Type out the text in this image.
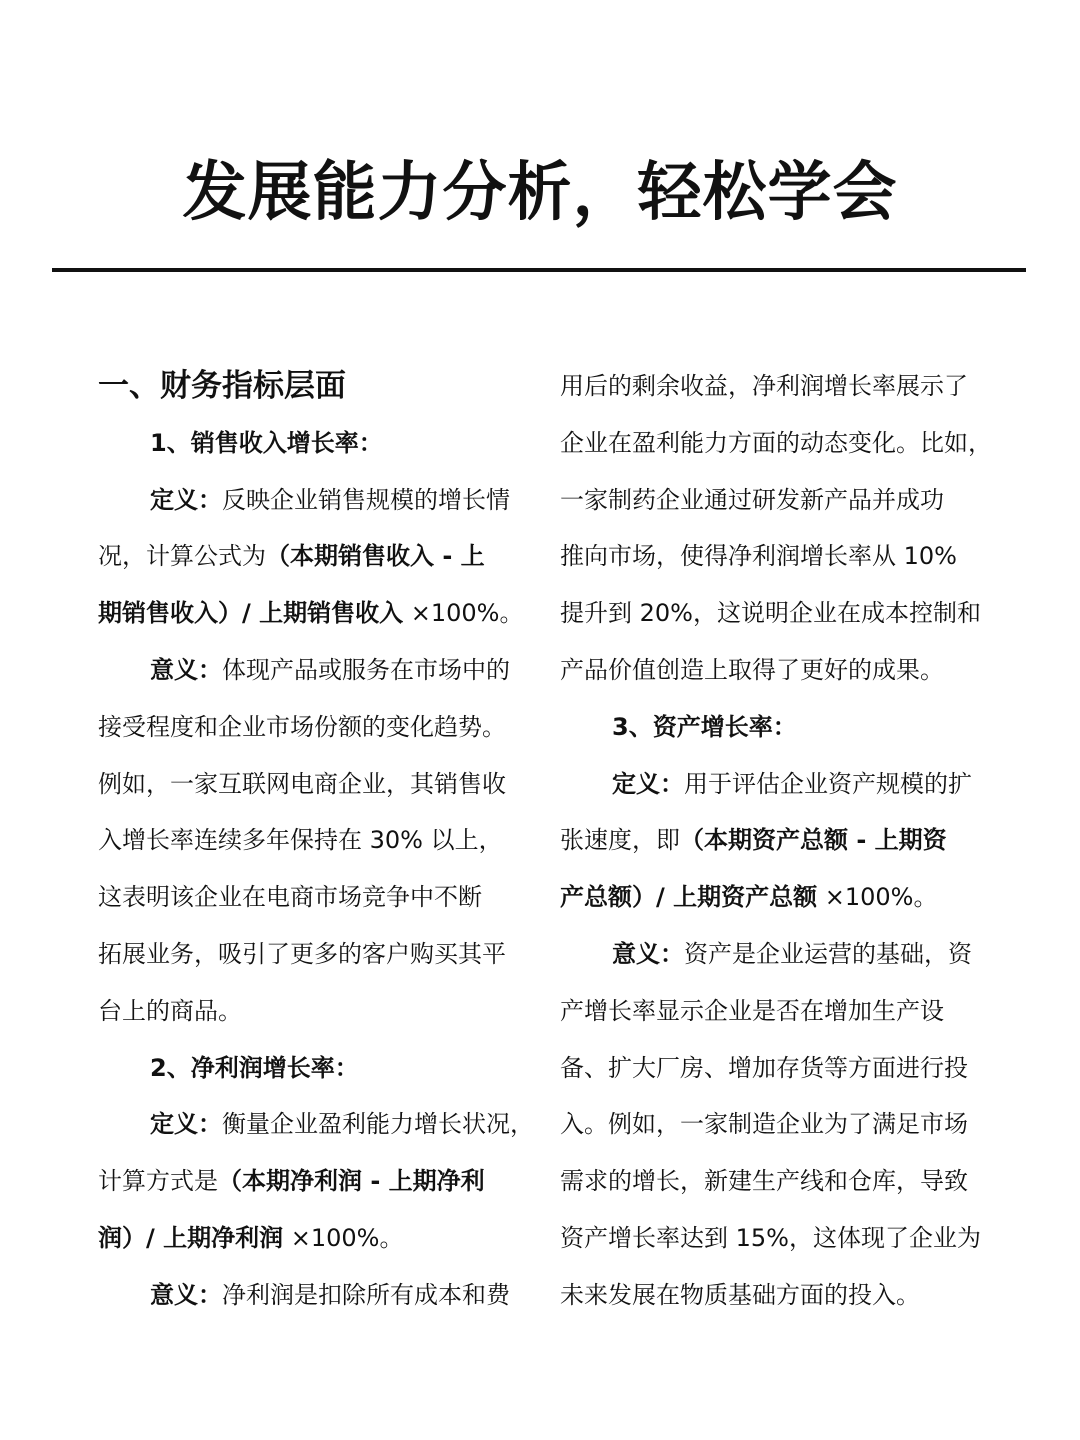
发展能力分析，轻松学会

一、财务指标层面

1、销售收入增长率：

定义：反映企业销售规模的增长情

况，计算公式为（本期销售收入 - 上

期销售收入）/ 上期销售收入 ×100%。

意义：体现产品或服务在市场中的

接受程度和企业市场份额的变化趋势。

例如，一家互联网电商企业，其销售收

入增长率连续多年保持在 30% 以上，

这表明该企业在电商市场竞争中不断

拓展业务，吸引了更多的客户购买其平

台上的商品。

2、净利润增长率：

定义：衡量企业盈利能力增长状况，

计算方式是（本期净利润 - 上期净利

润）/ 上期净利润 ×100%。

意义：净利润是扣除所有成本和费

用后的剩余收益，净利润增长率展示了

企业在盈利能力方面的动态变化。比如，

一家制药企业通过研发新产品并成功

推向市场，使得净利润增长率从 10%

提升到 20%，这说明企业在成本控制和

产品价值创造上取得了更好的成果。

3、资产增长率：

定义：用于评估企业资产规模的扩

张速度，即（本期资产总额 - 上期资

产总额）/ 上期资产总额 ×100%。

意义：资产是企业运营的基础，资

产增长率显示企业是否在增加生产设

备、扩大厂房、增加存货等方面进行投

入。例如，一家制造企业为了满足市场

需求的增长，新建生产线和仓库，导致

资产增长率达到 15%，这体现了企业为

未来发展在物质基础方面的投入。
